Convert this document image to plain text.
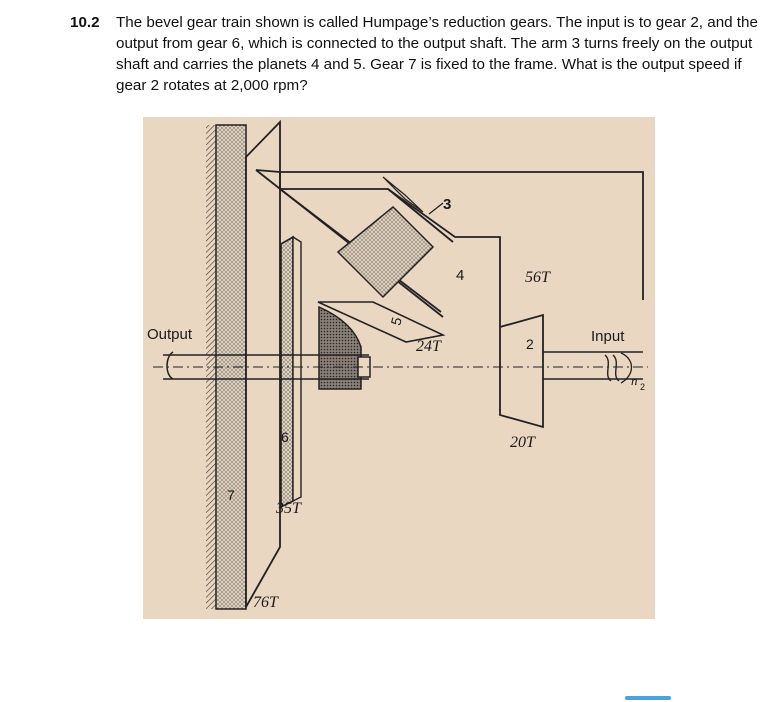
10.2 The bevel gear train shown is called Humpage’s reduction gears. The input is to gear 2, and the output from gear 6, which is connected to the output shaft. The arm 3 turns freely on the output shaft and carries the planets 4 and 5. Gear 7 is fixed to the frame. What is the output speed if gear 2 rotates at 2,000 rpm?
Output	Input
n 2
3
4
5
2
6
7
56T
24T
20T
35T
76T
